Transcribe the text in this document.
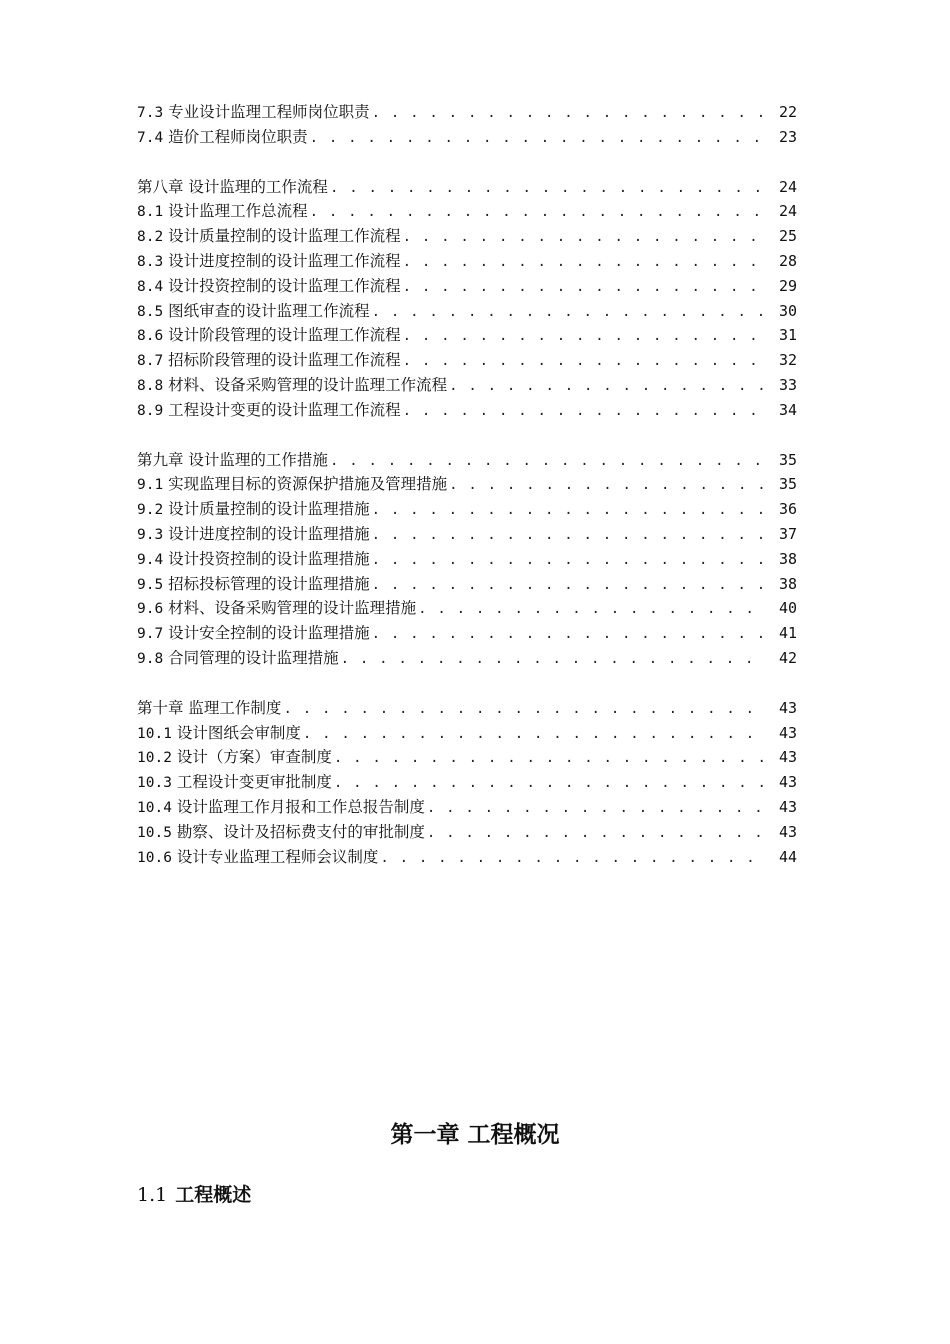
7.3 专业设计监理工程师岗位职责 . . .	22
7.4 造价工程师岗位职责 . . .	23
第八章 设计监理的工作流程 . . .	24
8.1 设计监理工作总流程 . . .	24
8.2 设计质量控制的设计监理工作流程 . . .	25
8.3 设计进度控制的设计监理工作流程 . . .	28
8.4 设计投资控制的设计监理工作流程 . . .	29
8.5 图纸审查的设计监理工作流程 . . .	30
8.6 设计阶段管理的设计监理工作流程 . . .	31
8.7 招标阶段管理的设计监理工作流程 . . .	32
8.8 材料、设备采购管理的设计监理工作流程 . . .	33
8.9 工程设计变更的设计监理工作流程 . . .	34
第九章 设计监理的工作措施 . . .	35
9.1 实现监理目标的资源保护措施及管理措施 . . .	35
9.2 设计质量控制的设计监理措施 . . .	36
9.3 设计进度控制的设计监理措施 . . .	37
9.4 设计投资控制的设计监理措施 . . .	38
9.5 招标投标管理的设计监理措施 . . .	38
9.6 材料、设备采购管理的设计监理措施 . . .	40
9.7 设计安全控制的设计监理措施 . . .	41
9.8 合同管理的设计监理措施 . . .	42
第十章 监理工作制度 . . .	43
10.1 设计图纸会审制度 . . .	43
10.2 设计（方案）审查制度 . . .	43
10.3 工程设计变更审批制度 . . .	43
10.4 设计监理工作月报和工作总报告制度 . . .	43
10.5 勘察、设计及招标费支付的审批制度 . . .	43
10.6 设计专业监理工程师会议制度 . . .	44
第一章 工程概况
1.1 工程概述
